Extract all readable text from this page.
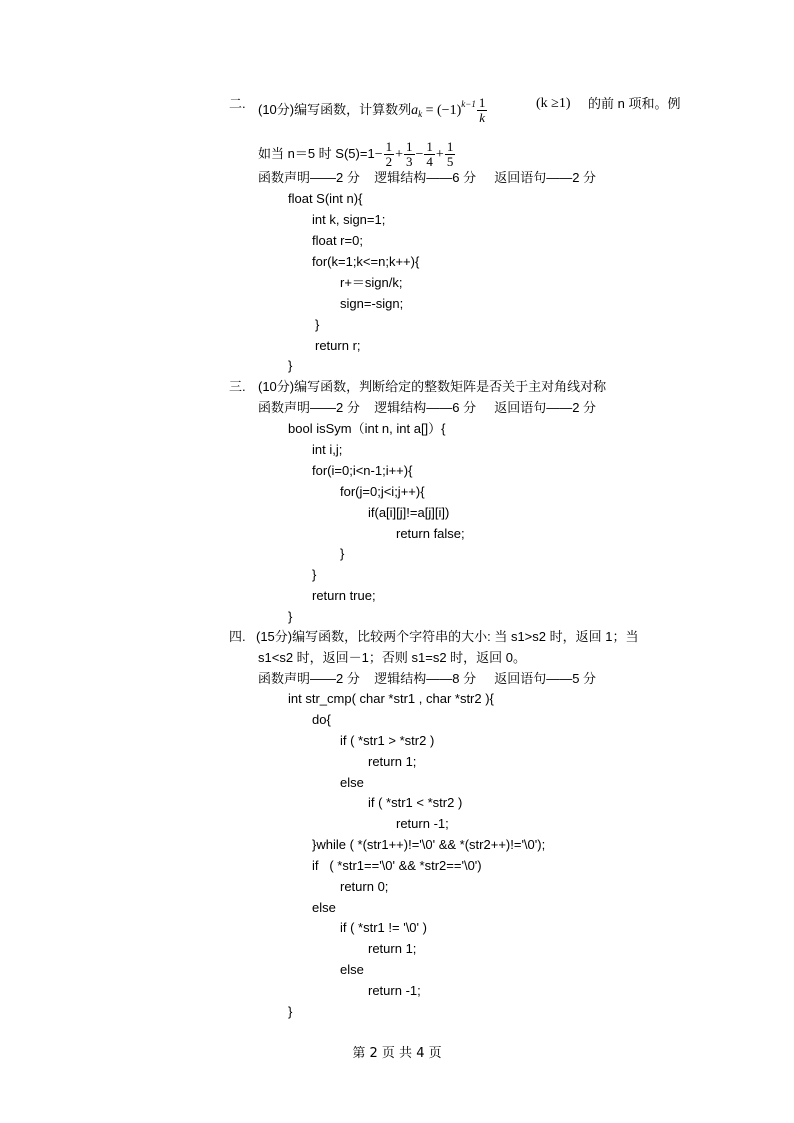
二. (10分)编写函数，计算数列$a_k = (-1)^{k-1} \frac{1}{k}$	(k ≥1) 的前 n 项和。例
如当 n＝5 时 $S(5)=1- \frac{1}{2} + \frac{1}{3} - \frac{1}{4} + \frac{1}{5}$
函数声明——2 分    逻辑结构——6 分     返回语句——2 分
float S(int n){
int k, sign=1;
float r=0;
for(k=1;k<=n;k++){
r+＝sign/k;
sign=-sign;
}
return r;
}
三. (10分)编写函数，判断给定的整数矩阵是否关于主对角线对称
函数声明——2 分    逻辑结构——6 分     返回语句——2 分
bool isSym（int n, int a[]）{
int i,j;
for(i=0;i<n-1;i++){
for(j=0;j<i;j++){
if(a[i][j]!=a[j][i])
return false;
}
}
return true;
}
四. (15分)编写函数，比较两个字符串的大小: 当 s1>s2 时，返回 1；当
s1<s2 时，返回－1；否则 s1=s2 时，返回 0。
函数声明——2 分    逻辑结构——8 分     返回语句——5 分
int str_cmp( char *str1 , char *str2 ){
do{
if ( *str1 > *str2 )
return 1;
else
if ( *str1 < *str2 )
return -1;
}while ( *(str1++)!='\0' && *(str2++)!='\0');
if   ( *str1=='\0' && *str2=='\0')
return 0;
else
if ( *str1 != '\0' )
return 1;
else
return -1;
}
第 2 页 共 4 页
